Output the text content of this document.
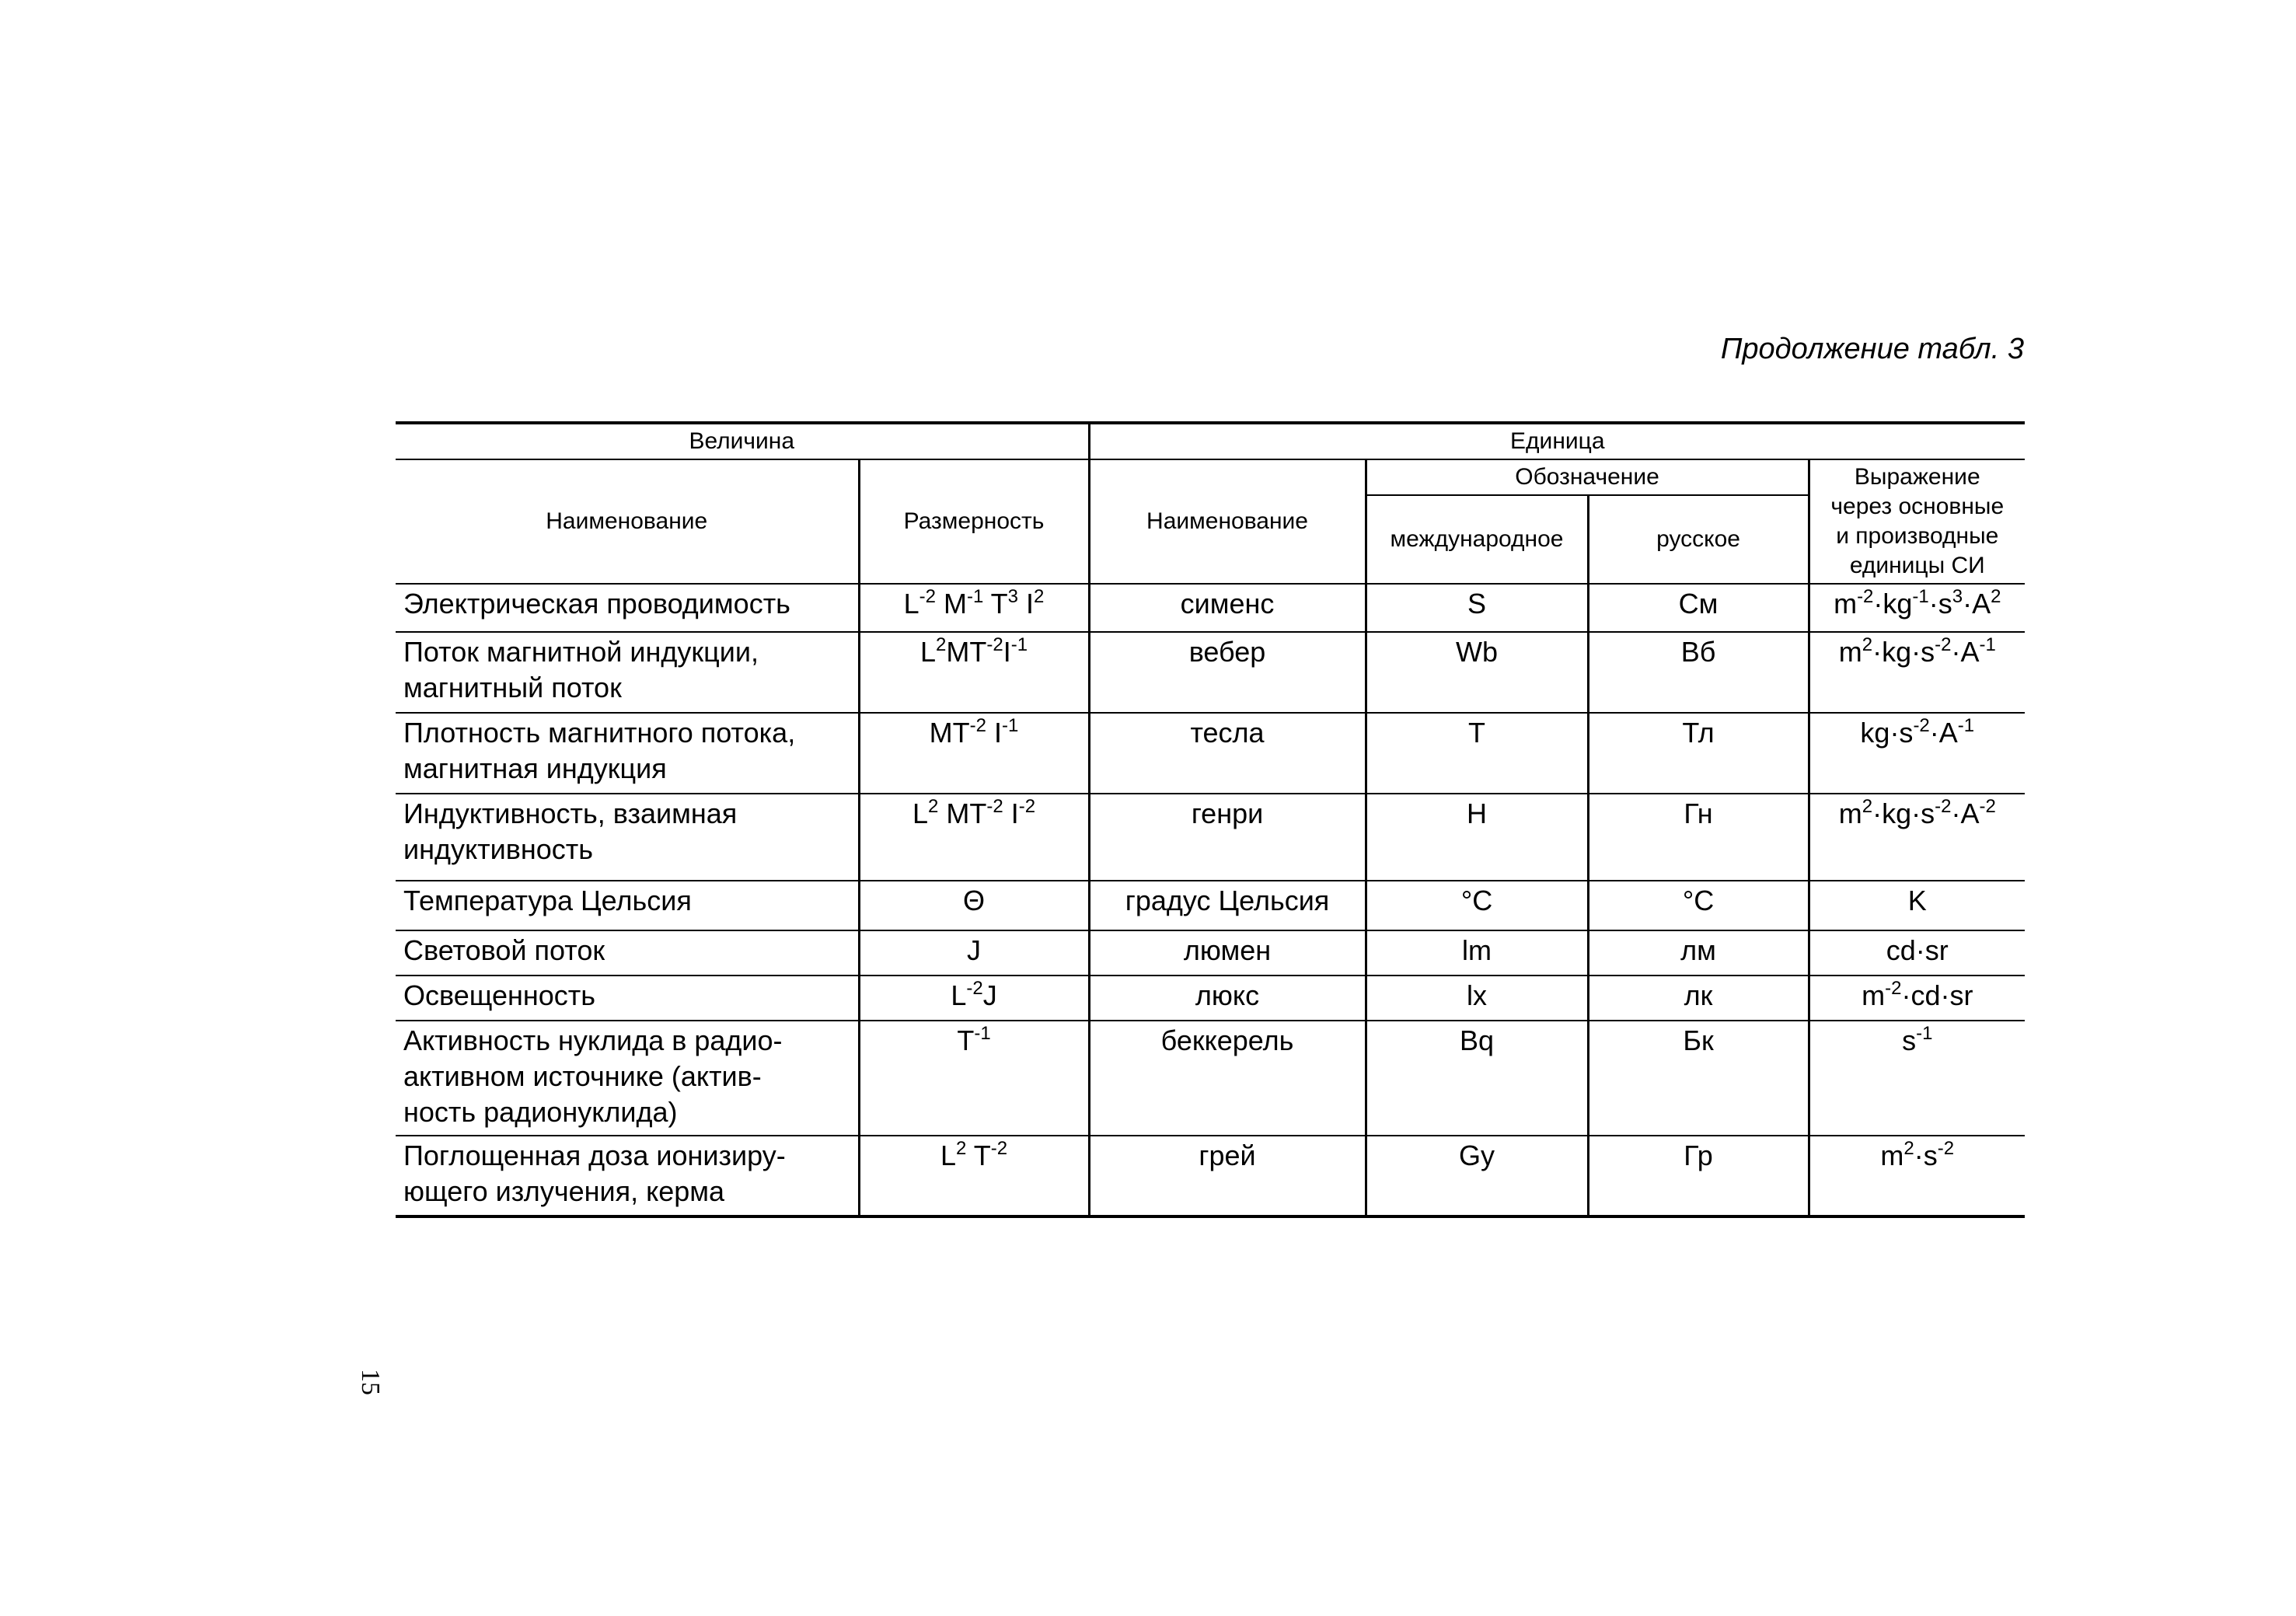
Продолжение табл. 3
Величина		Единица			
Наименование	Размерность	Наименование	Обозначение		Выражение
через основные
и производные
единицы СИ

			международное	русское	

Электрическая проводимость	$L^{-2}$ $M^{-1}$ $T^3$ $I^2$	сименс	S	См	$m^{-2}\cdot kg^{-1}\cdot s^3\cdot A^2$

Поток магнитной индукции,
магнитный поток	$L^2MT^{-2}I^{-1}$	вебер	Wb	Вб	$m^2\cdot kg\cdot s^{-2}\cdot A^{-1}$

Плотность магнитного потока,
магнитная индукция	$MT^{-2}$ $I^{-1}$	тесла	T	Тл	$kg\cdot s^{-2}\cdot A^{-1}$

Индуктивность, взаимная
индуктивность	$L^2$ $MT^{-2}$ $I^{-2}$	генри	H	Гн	$m^2\cdot kg\cdot s^{-2}\cdot A^{-2}$

Температура Цельсия	Θ	градус Цельсия	°C	°C	K

Световой поток	J	люмен	lm	лм	cd·sr

Освещенность	$L^{-2}J$	люкс	lx	лк	$m^{-2}\cdot cd\cdot sr$

Активность нуклида в радио-
активном источнике (актив-
ность радионуклида)	$T^{-1}$	беккерель	Bq	Бк	$s^{-1}$

Поглощенная доза ионизиру-
ющего излучения, керма	$L^2$ $T^{-2}$	грей	Gy	Гр	$m^2\cdot s^{-2}$
15
